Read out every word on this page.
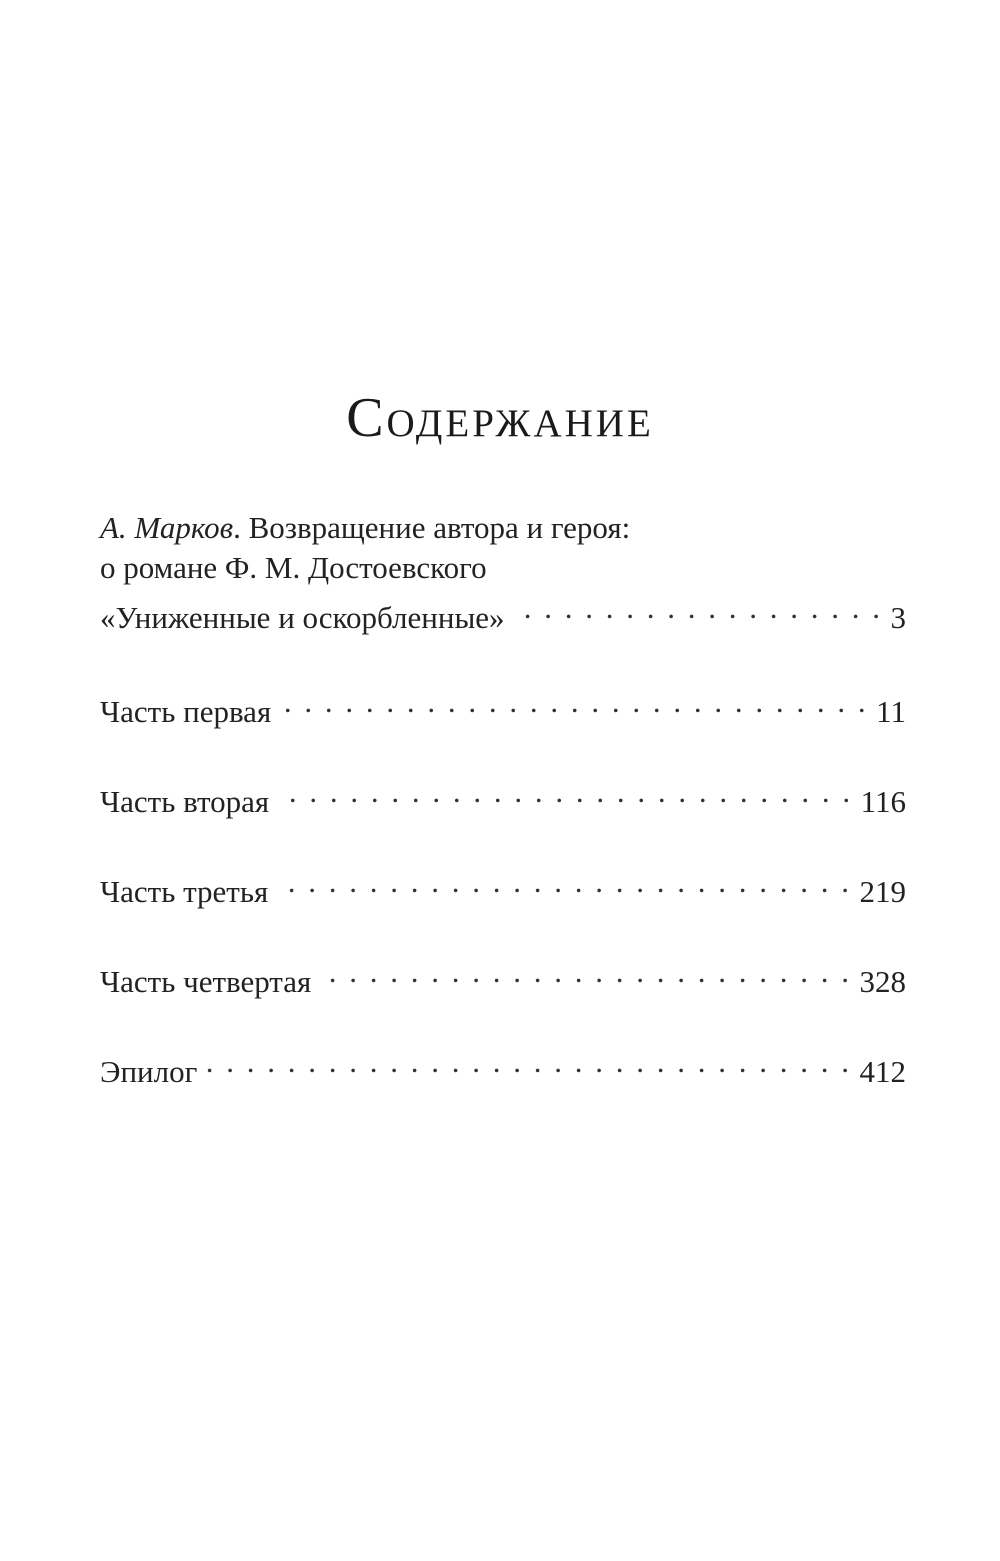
Содержание
А. Марков. Возвращение автора и героя:
о романе Ф. М. Достоевского
«Униженные и оскорбленные» . . .	3
Часть первая . . .	11
Часть вторая . . .	116
Часть третья . . .	219
Часть четвертая . . .	328
Эпилог . . .	412
